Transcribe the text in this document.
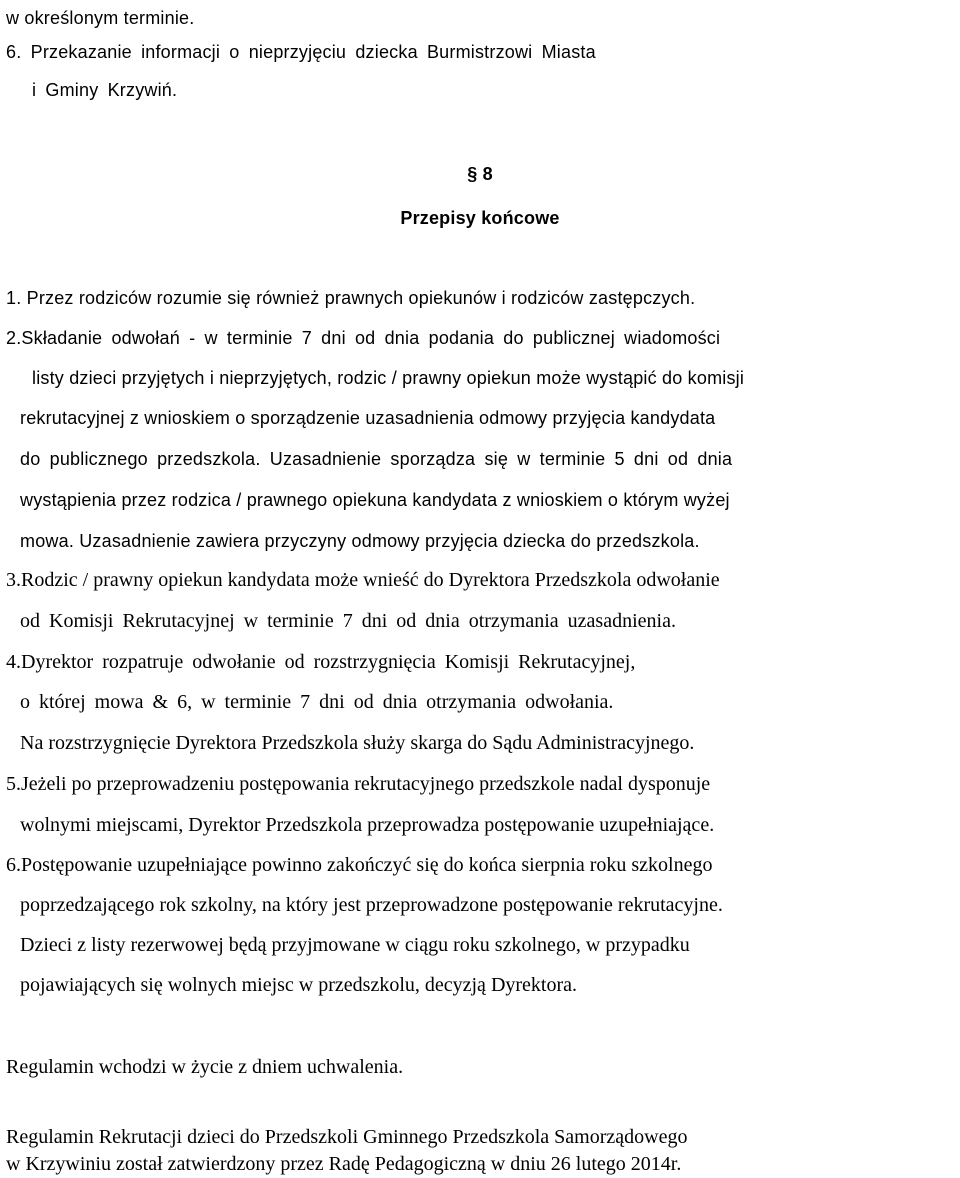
w określonym terminie.
6. Przekazanie informacji o nieprzyjęciu dziecka Burmistrzowi Miasta
i Gminy Krzywiń.
§ 8
Przepisy końcowe
1. Przez rodziców rozumie się również prawnych opiekunów i rodziców zastępczych.
2.Składanie odwołań - w terminie 7 dni od dnia podania do publicznej wiadomości
listy dzieci przyjętych i nieprzyjętych, rodzic / prawny opiekun może wystąpić do komisji
rekrutacyjnej z wnioskiem o sporządzenie uzasadnienia odmowy przyjęcia kandydata
do publicznego przedszkola. Uzasadnienie sporządza się w terminie 5 dni od dnia
wystąpienia przez rodzica / prawnego opiekuna kandydata z wnioskiem o którym wyżej
mowa. Uzasadnienie zawiera przyczyny odmowy przyjęcia dziecka do przedszkola.
3.Rodzic / prawny opiekun kandydata może wnieść do Dyrektora Przedszkola odwołanie
od Komisji Rekrutacyjnej w terminie 7 dni od dnia otrzymania uzasadnienia.
4.Dyrektor rozpatruje odwołanie od rozstrzygnięcia Komisji Rekrutacyjnej,
o której mowa & 6, w terminie 7 dni od dnia otrzymania odwołania.
Na rozstrzygnięcie Dyrektora Przedszkola służy skarga do Sądu Administracyjnego.
5.Jeżeli po przeprowadzeniu postępowania rekrutacyjnego przedszkole nadal dysponuje
wolnymi miejscami, Dyrektor Przedszkola przeprowadza postępowanie uzupełniające.
6.Postępowanie uzupełniające powinno zakończyć się do końca sierpnia roku szkolnego
poprzedzającego rok szkolny, na który jest przeprowadzone postępowanie rekrutacyjne.
Dzieci z listy rezerwowej będą przyjmowane w ciągu roku szkolnego, w przypadku
pojawiających się wolnych miejsc w przedszkolu, decyzją Dyrektora.
Regulamin wchodzi w życie z dniem uchwalenia.
Regulamin Rekrutacji dzieci do Przedszkoli Gminnego Przedszkola Samorządowego
w Krzywiniu został zatwierdzony przez Radę Pedagogiczną w dniu 26 lutego 2014r.
